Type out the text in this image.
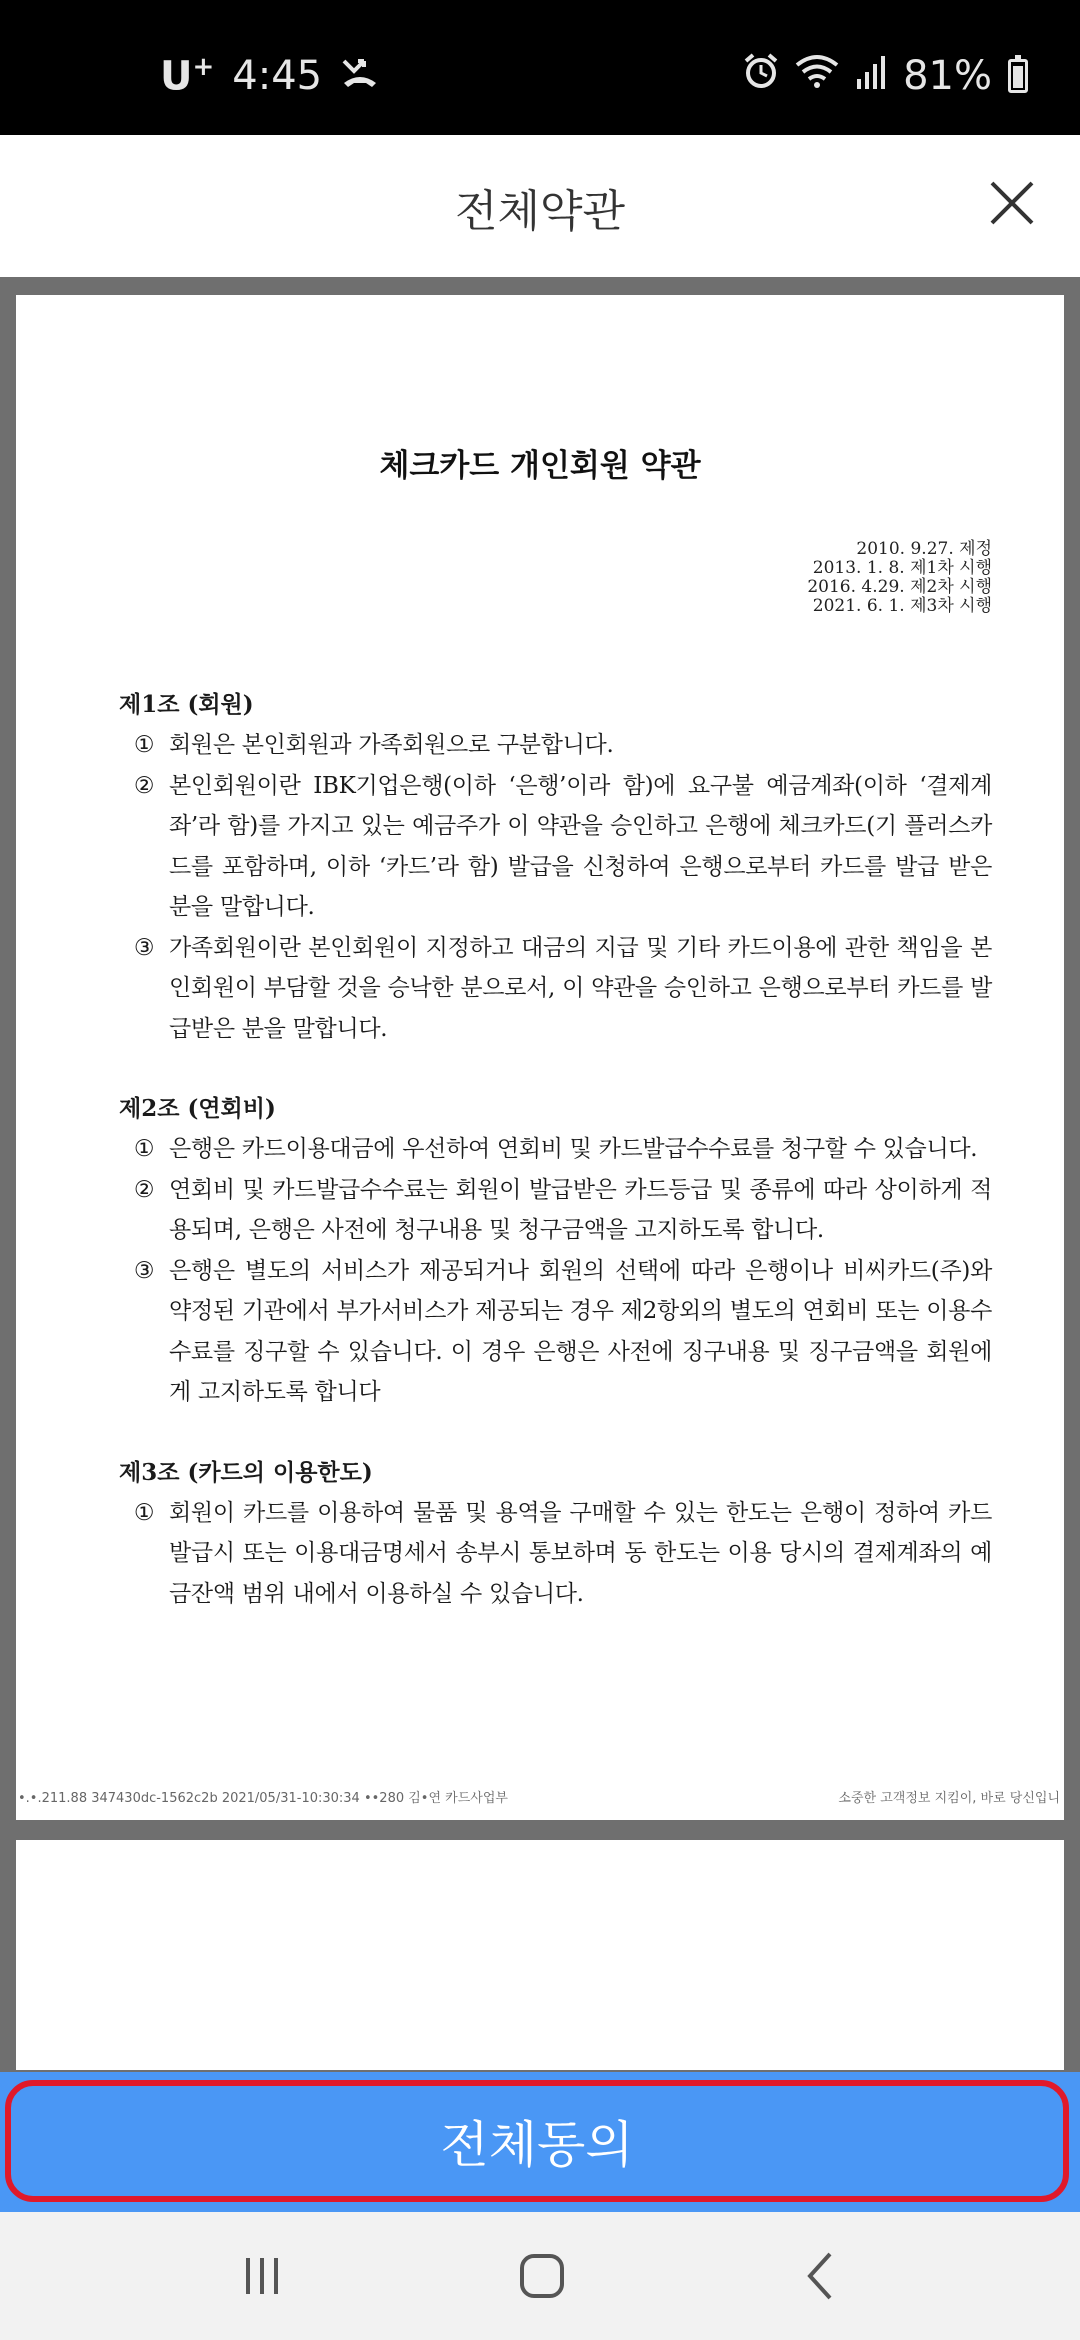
U+ 4:45	81%
전체약관
체크카드 개인회원 약관
2010. 9.27. 제정
2013. 1. 8. 제1차 시행
2016. 4.29. 제2차 시행
2021. 6. 1. 제3차 시행
제1조 (회원)
① 회원은 본인회원과 가족회원으로 구분합니다.
② 본인회원이란 IBK기업은행(이하 ‘은행’이라 함)에 요구불 예금계좌(이하 ‘결제계좌’라 함)를 가지고 있는 예금주가 이 약관을 승인하고 은행에 체크카드(기 플러스카드를 포함하며, 이하 ‘카드’라 함) 발급을 신청하여 은행으로부터 카드를 발급 받은 분을 말합니다.
③ 가족회원이란 본인회원이 지정하고 대금의 지급 및 기타 카드이용에 관한 책임을 본인회원이 부담할 것을 승낙한 분으로서, 이 약관을 승인하고 은행으로부터 카드를 발급받은 분을 말합니다.
제2조 (연회비)
① 은행은 카드이용대금에 우선하여 연회비 및 카드발급수수료를 청구할 수 있습니다.
② 연회비 및 카드발급수수료는 회원이 발급받은 카드등급 및 종류에 따라 상이하게 적용되며, 은행은 사전에 청구내용 및 청구금액을 고지하도록 합니다.
③ 은행은 별도의 서비스가 제공되거나 회원의 선택에 따라 은행이나 비씨카드(주)와 약정된 기관에서 부가서비스가 제공되는 경우 제2항외의 별도의 연회비 또는 이용수수료를 징구할 수 있습니다. 이 경우 은행은 사전에 징구내용 및 징구금액을 회원에게 고지하도록 합니다
제3조 (카드의 이용한도)
① 회원이 카드를 이용하여 물품 및 용역을 구매할 수 있는 한도는 은행이 정하여 카드발급시 또는 이용대금명세서 송부시 통보하며 동 한도는 이용 당시의 결제계좌의 예금잔액 범위 내에서 이용하실 수 있습니다.
•.•.211.88 347430dc-1562c2b 2021/05/31-10:30:34 ••280 김•연 카드사업부	소중한 고객정보 지킴이, 바로 당신입니
전체동의
